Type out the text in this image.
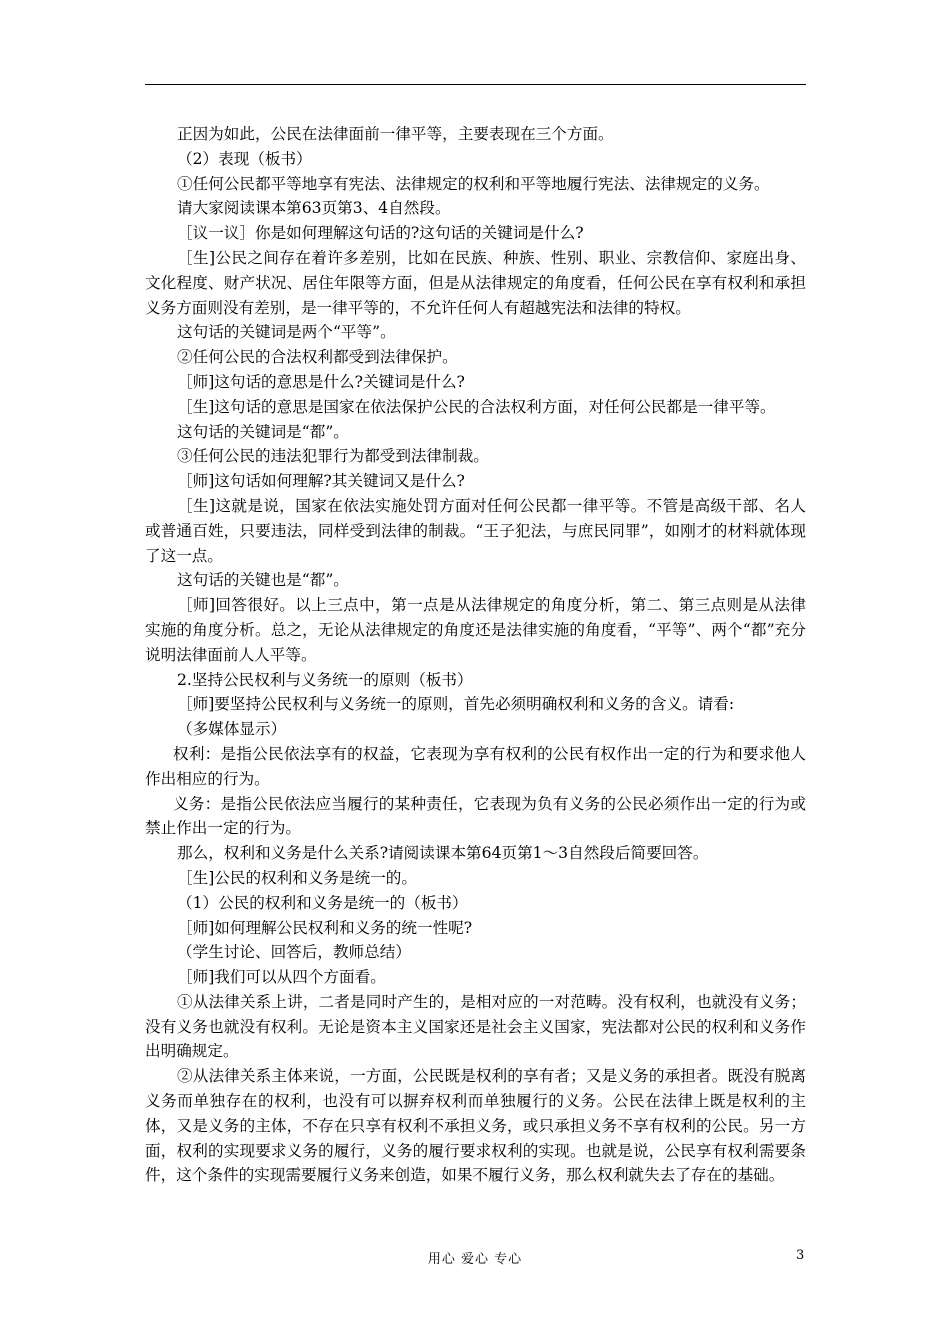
正因为如此，公民在法律面前一律平等，主要表现在三个方面。

（2）表现（板书）

①任何公民都平等地享有宪法、法律规定的权利和平等地履行宪法、法律规定的义务。

请大家阅读课本第63页第3、4自然段。

［议一议］你是如何理解这句话的?这句话的关键词是什么?

［生]公民之间存在着许多差别，比如在民族、种族、性别、职业、宗教信仰、家庭出身、文化程度、财产状况、居住年限等方面，但是从法律规定的角度看，任何公民在享有权利和承担义务方面则没有差别，是一律平等的，不允许任何人有超越宪法和法律的特权。

这句话的关键词是两个“平等”。

②任何公民的合法权利都受到法律保护。

［师]这句话的意思是什么?关键词是什么?

［生]这句话的意思是国家在依法保护公民的合法权利方面，对任何公民都是一律平等。

这句话的关键词是“都”。

③任何公民的违法犯罪行为都受到法律制裁。

［师]这句话如何理解?其关键词又是什么?

［生]这就是说，国家在依法实施处罚方面对任何公民都一律平等。不管是高级干部、名人或普通百姓，只要违法，同样受到法律的制裁。“王子犯法，与庶民同罪”，如刚才的材料就体现了这一点。

这句话的关键也是“都”。

［师]回答很好。以上三点中，第一点是从法律规定的角度分析，第二、第三点则是从法律实施的角度分析。总之，无论从法律规定的角度还是法律实施的角度看，“平等”、两个“都”充分说明法律面前人人平等。

2.坚持公民权利与义务统一的原则（板书）

［师]要坚持公民权利与义务统一的原则，首先必须明确权利和义务的含义。请看:

（多媒体显示）

权利：是指公民依法享有的权益，它表现为享有权利的公民有权作出一定的行为和要求他人作出相应的行为。

义务：是指公民依法应当履行的某种责任，它表现为负有义务的公民必须作出一定的行为或禁止作出一定的行为。

那么，权利和义务是什么关系?请阅读课本第64页第1～3自然段后简要回答。

［生]公民的权利和义务是统一的。

（1）公民的权利和义务是统一的（板书）

［师]如何理解公民权利和义务的统一性呢?

（学生讨论、回答后，教师总结）

［师]我们可以从四个方面看。

①从法律关系上讲，二者是同时产生的，是相对应的一对范畴。没有权利，也就没有义务；没有义务也就没有权利。无论是资本主义国家还是社会主义国家，宪法都对公民的权利和义务作出明确规定。

②从法律关系主体来说，一方面，公民既是权利的享有者；又是义务的承担者。既没有脱离义务而单独存在的权利，也没有可以摒弃权利而单独履行的义务。公民在法律上既是权利的主体，又是义务的主体，不存在只享有权利不承担义务，或只承担义务不享有权利的公民。另一方面，权利的实现要求义务的履行，义务的履行要求权利的实现。也就是说，公民享有权利需要条件，这个条件的实现需要履行义务来创造，如果不履行义务，那么权利就失去了存在的基础。

用心 爱心 专心	3
